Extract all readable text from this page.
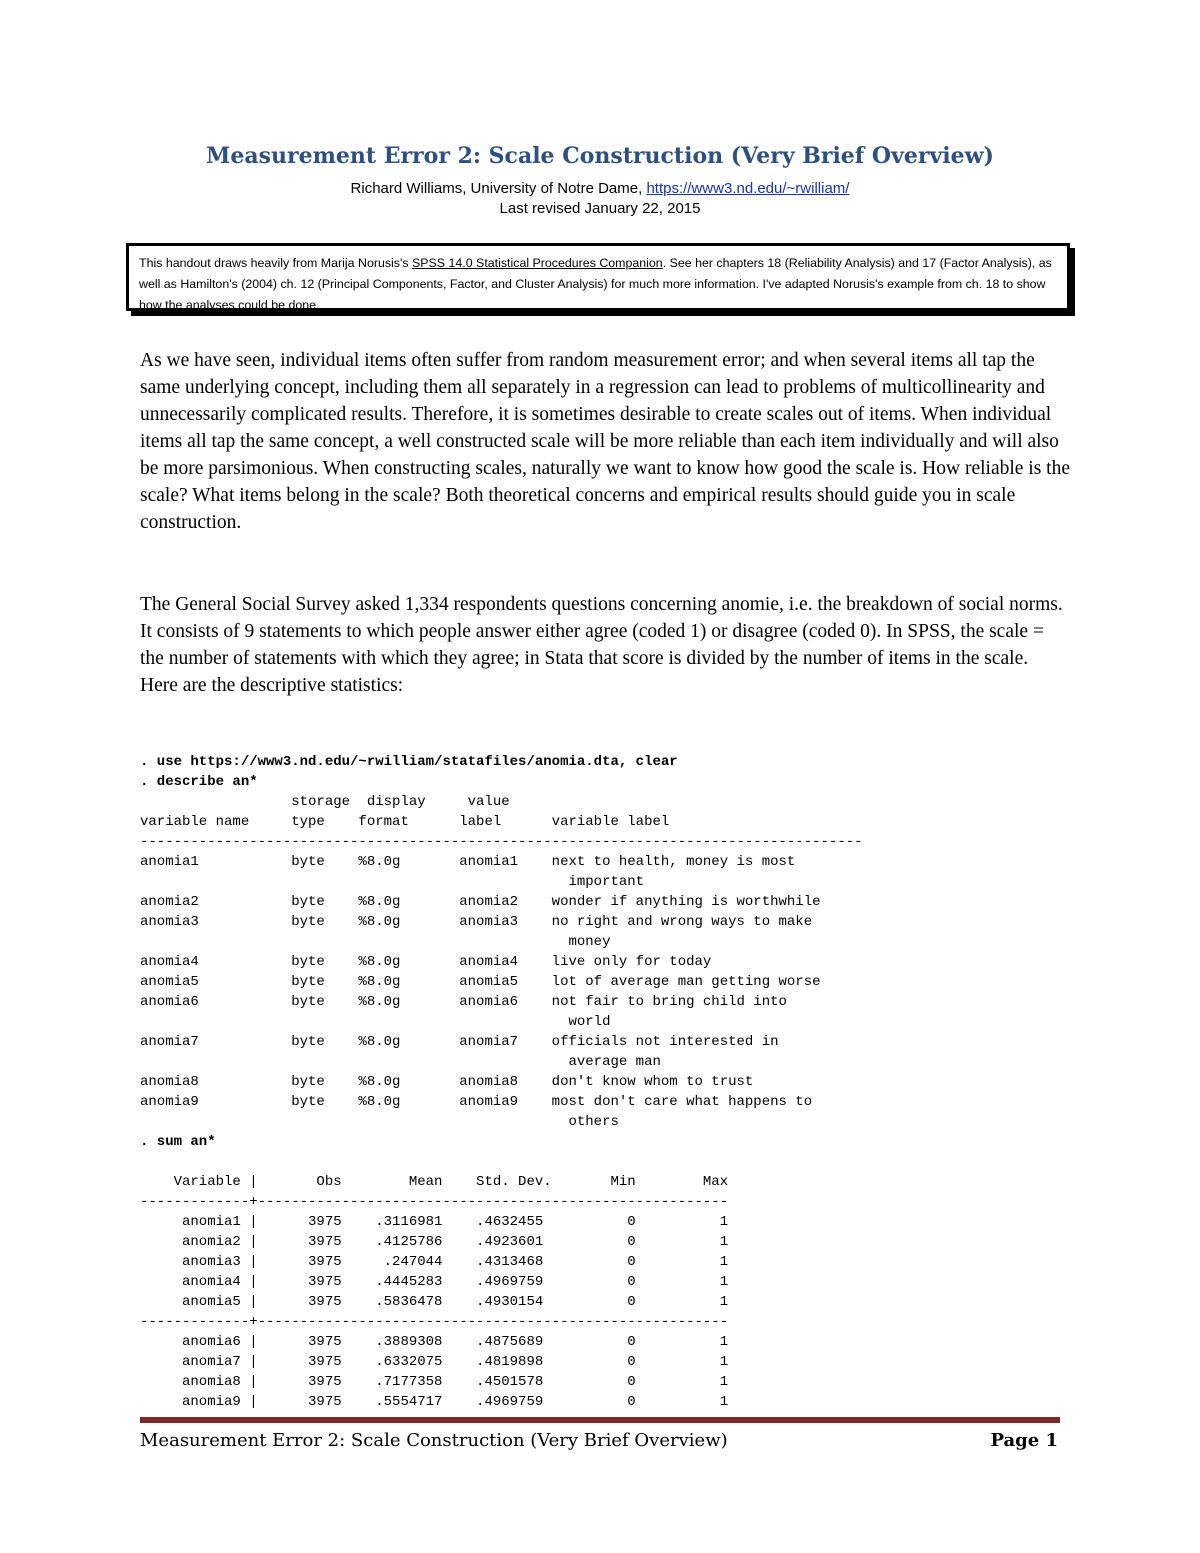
Measurement Error 2: Scale Construction (Very Brief Overview)
Richard Williams, University of Notre Dame, https://www3.nd.edu/~rwilliam/
Last revised January 22, 2015
This handout draws heavily from Marija Norusis's SPSS 14.0 Statistical Procedures Companion. See her chapters 18 (Reliability Analysis) and 17 (Factor Analysis), as well as Hamilton's (2004) ch. 12 (Principal Components, Factor, and Cluster Analysis) for much more information. I've adapted Norusis's example from ch. 18 to show how the analyses could be done.
As we have seen, individual items often suffer from random measurement error; and when several items all tap the same underlying concept, including them all separately in a regression can lead to problems of multicollinearity and unnecessarily complicated results. Therefore, it is sometimes desirable to create scales out of items. When individual items all tap the same concept, a well constructed scale will be more reliable than each item individually and will also be more parsimonious. When constructing scales, naturally we want to know how good the scale is. How reliable is the scale? What items belong in the scale? Both theoretical concerns and empirical results should guide you in scale construction.
The General Social Survey asked 1,334 respondents questions concerning anomie, i.e. the breakdown of social norms. It consists of 9 statements to which people answer either agree (coded 1) or disagree (coded 0). In SPSS, the scale = the number of statements with which they agree; in Stata that score is divided by the number of items in the scale. Here are the descriptive statistics:
. use https://www3.nd.edu/~rwilliam/statafiles/anomia.dta, clear
. describe an*
storage  display     value
variable name     type    format      label      variable label
--------------------------------------------------------------------------------------
anomia1           byte    %8.0g       anomia1    next to health, money is most
important
anomia2           byte    %8.0g       anomia2    wonder if anything is worthwhile
anomia3           byte    %8.0g       anomia3    no right and wrong ways to make
money
anomia4           byte    %8.0g       anomia4    live only for today
anomia5           byte    %8.0g       anomia5    lot of average man getting worse
anomia6           byte    %8.0g       anomia6    not fair to bring child into
world
anomia7           byte    %8.0g       anomia7    officials not interested in
average man
anomia8           byte    %8.0g       anomia8    don't know whom to trust
anomia9           byte    %8.0g       anomia9    most don't care what happens to
others
. sum an*

Variable |       Obs        Mean    Std. Dev.       Min        Max
-------------+--------------------------------------------------------
anomia1 |      3975    .3116981    .4632455          0          1
anomia2 |      3975    .4125786    .4923601          0          1
anomia3 |      3975     .247044    .4313468          0          1
anomia4 |      3975    .4445283    .4969759          0          1
anomia5 |      3975    .5836478    .4930154          0          1
-------------+--------------------------------------------------------
anomia6 |      3975    .3889308    .4875689          0          1
anomia7 |      3975    .6332075    .4819898          0          1
anomia8 |      3975    .7177358    .4501578          0          1
anomia9 |      3975    .5554717    .4969759          0          1
Measurement Error 2: Scale Construction (Very Brief Overview)	Page 1
